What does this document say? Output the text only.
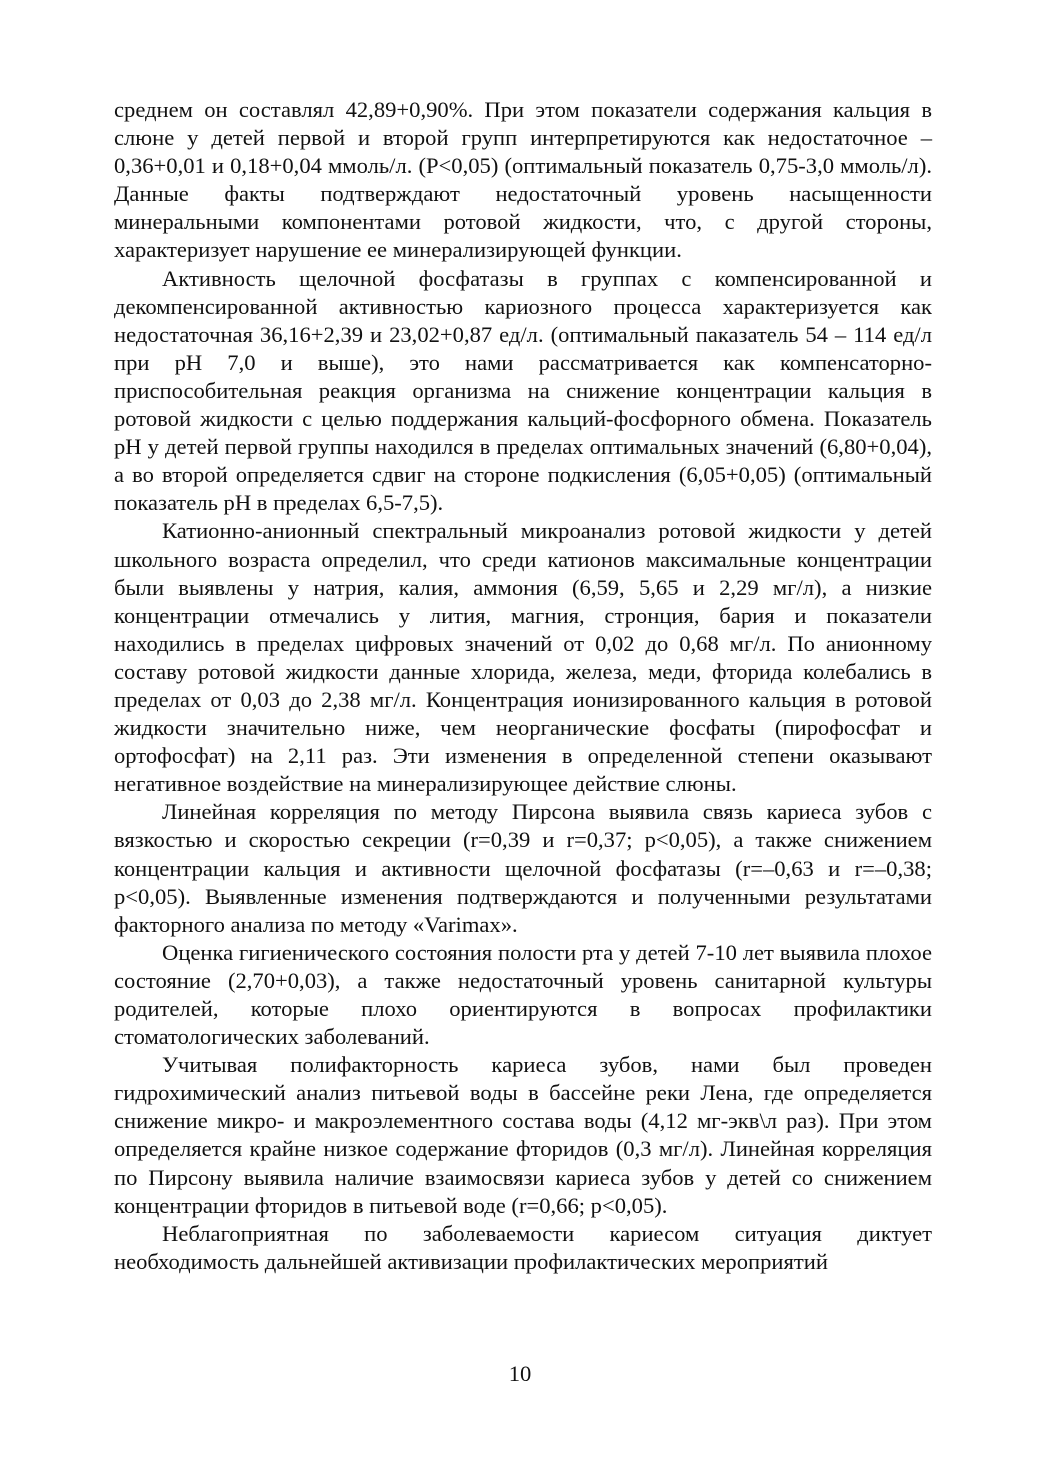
среднем он составлял 42,89+0,90%. При этом показатели содержания кальция в слюне у детей первой и второй групп интерпретируются как недостаточное – 0,36+0,01 и 0,18+0,04 ммоль/л. (Р<0,05) (оптимальный показатель 0,75-3,0 ммоль/л). Данные факты подтверждают недостаточный уровень насыщенности минеральными компонентами ротовой жидкости, что, с другой стороны, характеризует нарушение ее минерализирующей функции.

Активность щелочной фосфатазы в группах с компенсированной и декомпенсированной активностью кариозного процесса характеризуется как недостаточная 36,16+2,39 и 23,02+0,87 ед/л. (оптимальный паказатель 54 – 114 ед/л при pH 7,0 и выше), это нами рассматривается как компенсаторно-приспособительная реакция организма на снижение концентрации кальция в ротовой жидкости с целью поддержания кальций-фосфорного обмена. Показатель pH у детей первой группы находился в пределах оптимальных значений (6,80+0,04), а во второй определяется сдвиг на стороне подкисления (6,05+0,05) (оптимальный показатель pH в пределах 6,5-7,5).

Катионно-анионный спектральный микроанализ ротовой жидкости у детей школьного возраста определил, что среди катионов максимальные концентрации были выявлены у натрия, калия, аммония (6,59, 5,65 и 2,29 мг/л), а низкие концентрации отмечались у лития, магния, стронция, бария и показатели находились в пределах цифровых значений от 0,02 до 0,68 мг/л. По анионному составу ротовой жидкости данные хлорида, железа, меди, фторида колебались в пределах от 0,03 до 2,38 мг/л. Концентрация ионизированного кальция в ротовой жидкости значительно ниже, чем неорганические фосфаты (пирофосфат и ортофосфат) на 2,11 раз. Эти изменения в определенной степени оказывают негативное воздействие на минерализирующее действие слюны.

Линейная корреляция по методу Пирсона выявила связь кариеса зубов с вязкостью и скоростью секреции (r=0,39 и r=0,37; p<0,05), а также снижением концентрации кальция и активности щелочной фосфатазы (r=–0,63 и r=–0,38; p<0,05). Выявленные изменения подтверждаются и полученными результатами факторного анализа по методу «Varimax».

Оценка гигиенического состояния полости рта у детей 7-10 лет выявила плохое состояние (2,70+0,03), а также недостаточный уровень санитарной культуры родителей, которые плохо ориентируются в вопросах профилактики стоматологических заболеваний.

Учитывая полифакторность кариеса зубов, нами был проведен гидрохимический анализ питьевой воды в бассейне реки Лена, где определяется снижение микро- и макроэлементного состава воды (4,12 мг-экв\л раз). При этом определяется крайне низкое содержание фторидов (0,3 мг/л). Линейная корреляция по Пирсону выявила наличие взаимосвязи кариеса зубов у детей со снижением концентрации фторидов в питьевой воде (r=0,66; p<0,05).

Неблагоприятная по заболеваемости кариесом ситуация диктует необходимость дальнейшей активизации профилактических мероприятий

10
